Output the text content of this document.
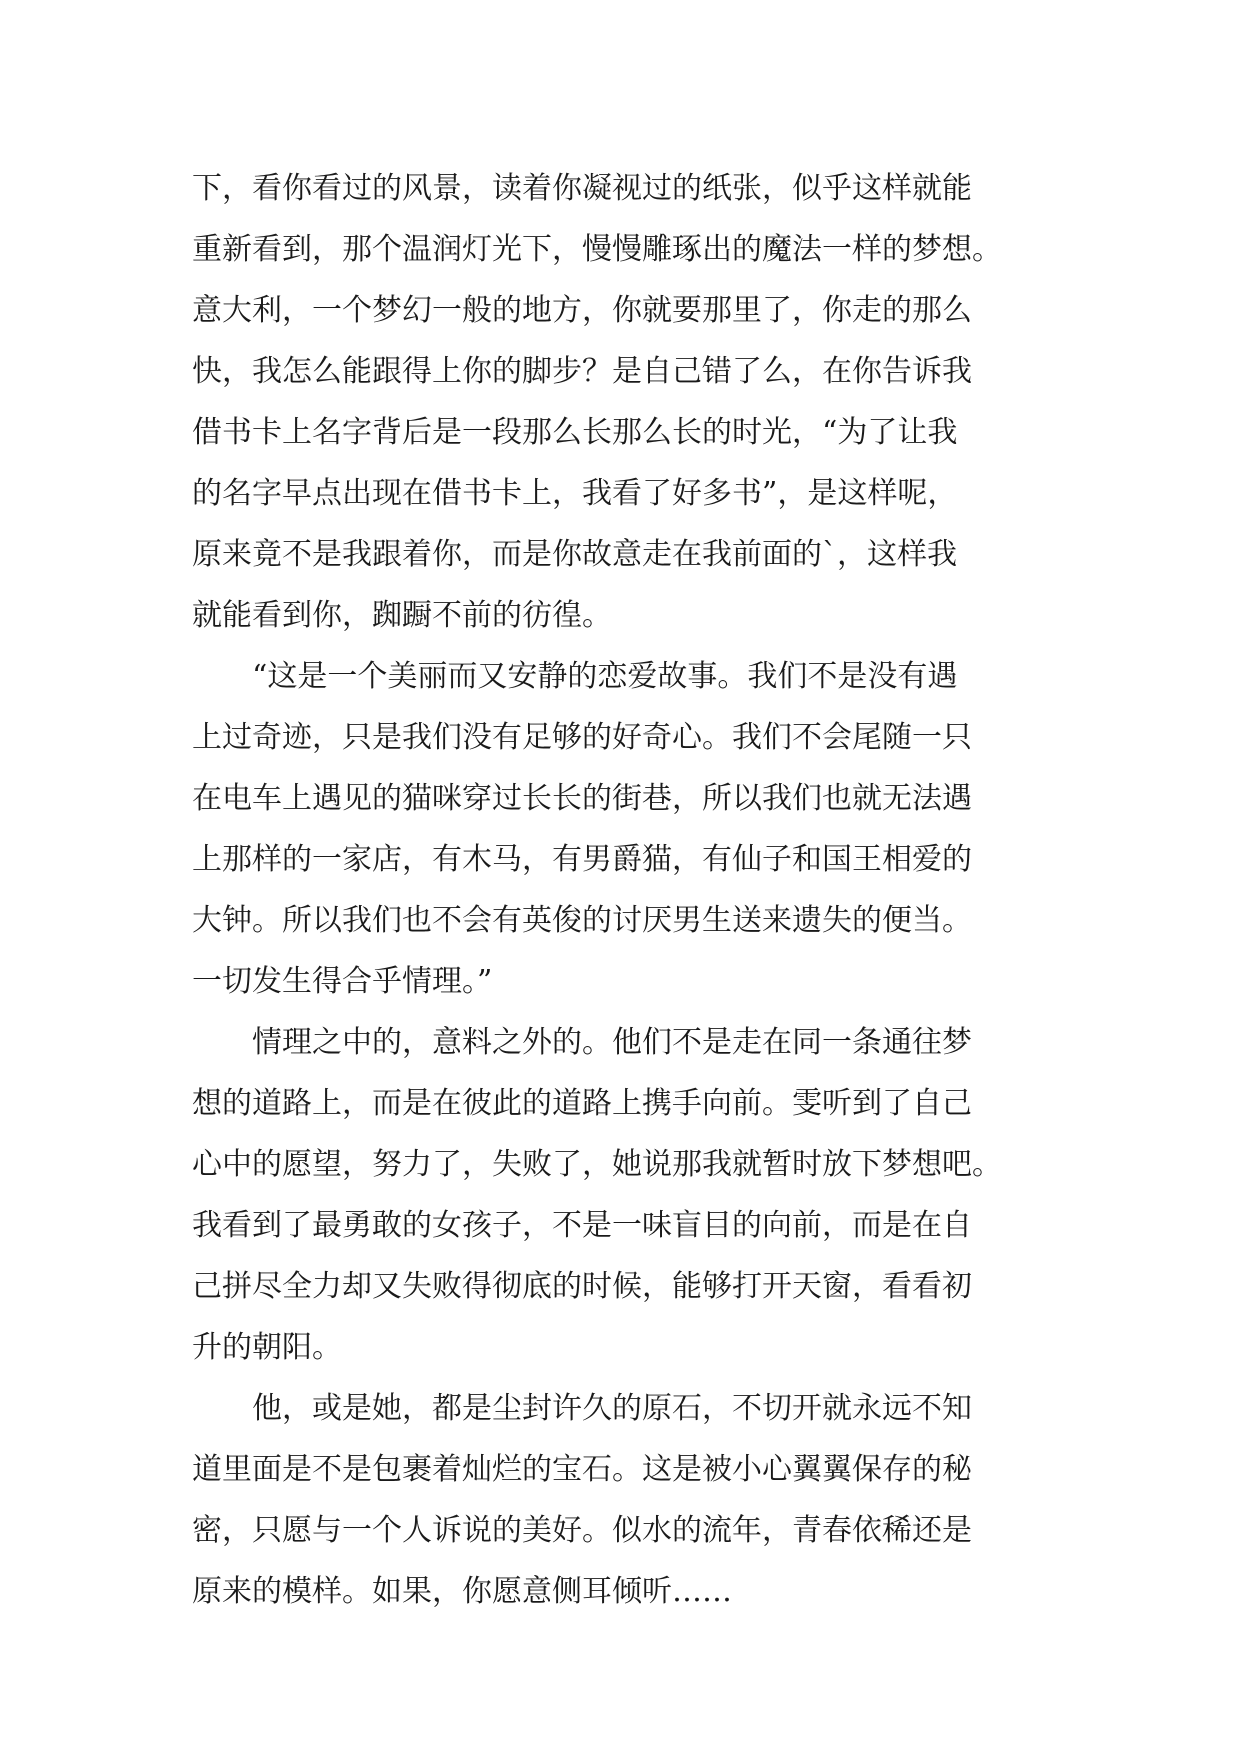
下，看你看过的风景，读着你凝视过的纸张，似乎这样就能
重新看到，那个温润灯光下，慢慢雕琢出的魔法一样的梦想。
意大利，一个梦幻一般的地方，你就要那里了，你走的那么
快，我怎么能跟得上你的脚步？是自己错了么，在你告诉我
借书卡上名字背后是一段那么长那么长的时光，“为了让我
的名字早点出现在借书卡上，我看了好多书”，是这样呢，
原来竟不是我跟着你，而是你故意走在我前面的`，这样我
就能看到你，踟蹰不前的彷徨。
“这是一个美丽而又安静的恋爱故事。我们不是没有遇
上过奇迹，只是我们没有足够的好奇心。我们不会尾随一只
在电车上遇见的猫咪穿过长长的街巷，所以我们也就无法遇
上那样的一家店，有木马，有男爵猫，有仙子和国王相爱的
大钟。所以我们也不会有英俊的讨厌男生送来遗失的便当。
一切发生得合乎情理。”
情理之中的，意料之外的。他们不是走在同一条通往梦
想的道路上，而是在彼此的道路上携手向前。雯听到了自己
心中的愿望，努力了，失败了，她说那我就暂时放下梦想吧。
我看到了最勇敢的女孩子，不是一味盲目的向前，而是在自
己拼尽全力却又失败得彻底的时候，能够打开天窗，看看初
升的朝阳。
他，或是她，都是尘封许久的原石，不切开就永远不知
道里面是不是包裹着灿烂的宝石。这是被小心翼翼保存的秘
密，只愿与一个人诉说的美好。似水的流年，青春依稀还是
原来的模样。如果，你愿意侧耳倾听……
